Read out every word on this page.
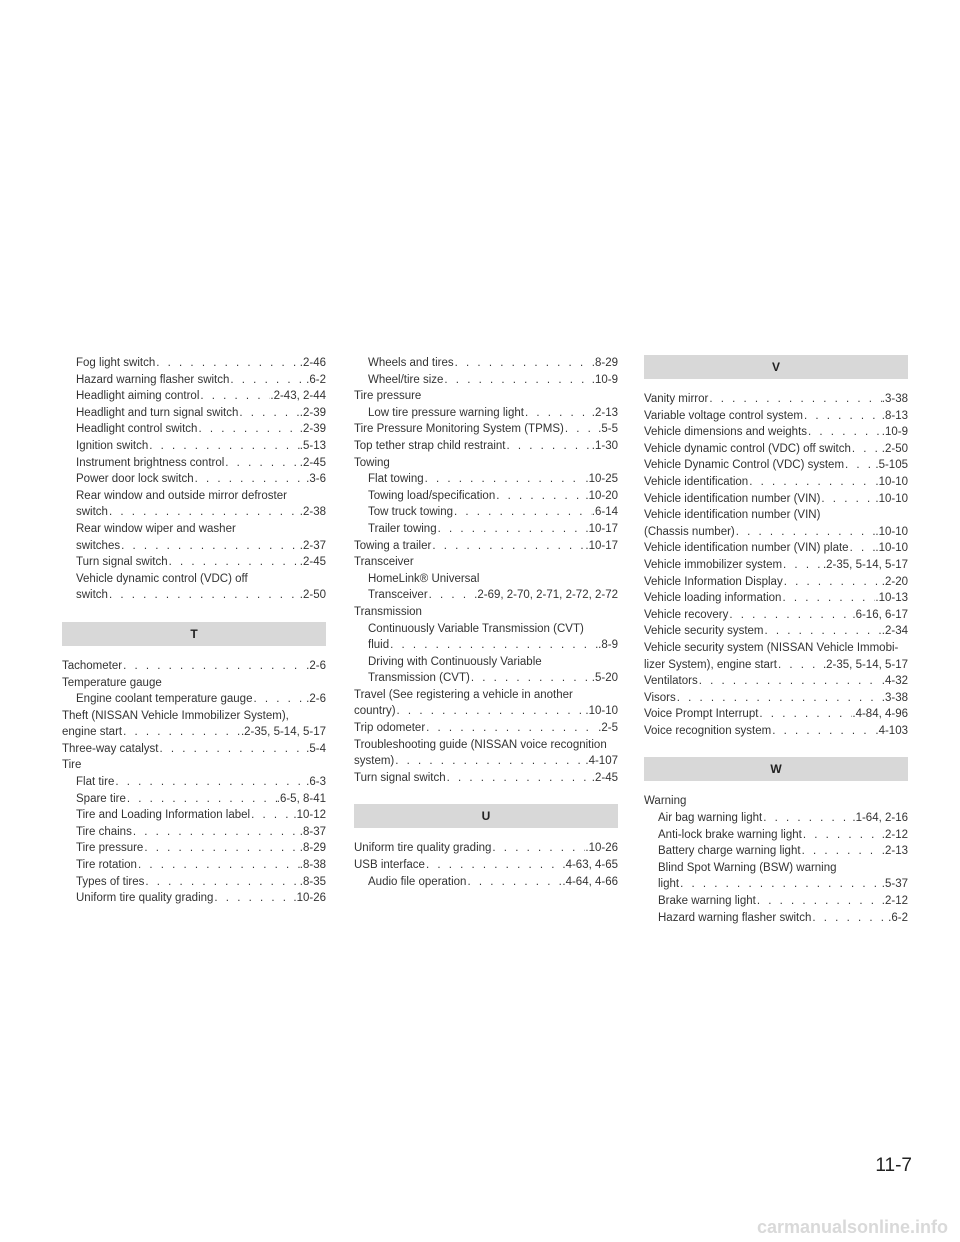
Fog light switch . . .	.2-46
Hazard warning flasher switch . . .	.6-2
Headlight aiming control . . .	.2-43, 2-44
Headlight and turn signal switch . . .	.2-39
Headlight control switch . . .	.2-39
Ignition switch . . .	.5-13
Instrument brightness control . . .	.2-45
Power door lock switch . . .	.3-6
Rear window and outside mirror defroster
switch . . .	.2-38
Rear window wiper and washer
switches . . .	.2-37
Turn signal switch . . .	.2-45
Vehicle dynamic control (VDC) off
switch . . .	.2-50
T
Tachometer . . .	.2-6
Temperature gauge
Engine coolant temperature gauge . . .	.2-6
Theft (NISSAN Vehicle Immobilizer System),
engine start . . .	.2-35, 5-14, 5-17
Three-way catalyst . . .	.5-4
Tire
Flat tire . . .	.6-3
Spare tire . . .	.6-5, 8-41
Tire and Loading Information label . . .	.10-12
Tire chains . . .	.8-37
Tire pressure . . .	.8-29
Tire rotation . . .	.8-38
Types of tires . . .	.8-35
Uniform tire quality grading . . .	.10-26
Wheels and tires . . .	.8-29
Wheel/tire size . . .	.10-9
Tire pressure
Low tire pressure warning light . . .	.2-13
Tire Pressure Monitoring System (TPMS) . . .	.5-5
Top tether strap child restraint . . .	.1-30
Towing
Flat towing . . .	.10-25
Towing load/specification . . .	.10-20
Tow truck towing . . .	.6-14
Trailer towing . . .	.10-17
Towing a trailer . . .	.10-17
Transceiver
HomeLink® Universal
Transceiver . . .	.2-69, 2-70, 2-71, 2-72, 2-72
Transmission
Continuously Variable Transmission (CVT)
fluid . . .	.8-9
Driving with Continuously Variable
Transmission (CVT) . . .	.5-20
Travel (See registering a vehicle in another
country) . . .	.10-10
Trip odometer . . .	.2-5
Troubleshooting guide (NISSAN voice recognition
system) . . .	.4-107
Turn signal switch . . .	.2-45
U
Uniform tire quality grading . . .	.10-26
USB interface . . .	.4-63, 4-65
Audio file operation . . .	.4-64, 4-66
V
Vanity mirror . . .	.3-38
Variable voltage control system . . .	.8-13
Vehicle dimensions and weights . . .	.10-9
Vehicle dynamic control (VDC) off switch . . .	.2-50
Vehicle Dynamic Control (VDC) system . . .	.5-105
Vehicle identification . . .	.10-10
Vehicle identification number (VIN) . . .	.10-10
Vehicle identification number (VIN)
(Chassis number) . . .	.10-10
Vehicle identification number (VIN) plate . . . .10-10
Vehicle immobilizer system . . .	.2-35, 5-14, 5-17
Vehicle Information Display . . .	.2-20
Vehicle loading information . . .	.10-13
Vehicle recovery . . .	.6-16, 6-17
Vehicle security system . . .	.2-34
Vehicle security system (NISSAN Vehicle Immobi-
lizer System), engine start . . .	.2-35, 5-14, 5-17
Ventilators . . .	.4-32
Visors . . .	.3-38
Voice Prompt Interrupt . . .	.4-84, 4-96
Voice recognition system . . .	.4-103
W
Warning
Air bag warning light . . .	.1-64, 2-16
Anti-lock brake warning light . . .	.2-12
Battery charge warning light . . .	.2-13
Blind Spot Warning (BSW) warning
light . . .	.5-37
Brake warning light . . .	.2-12
Hazard warning flasher switch . . .	.6-2
11-7
carmanualsonline.info
